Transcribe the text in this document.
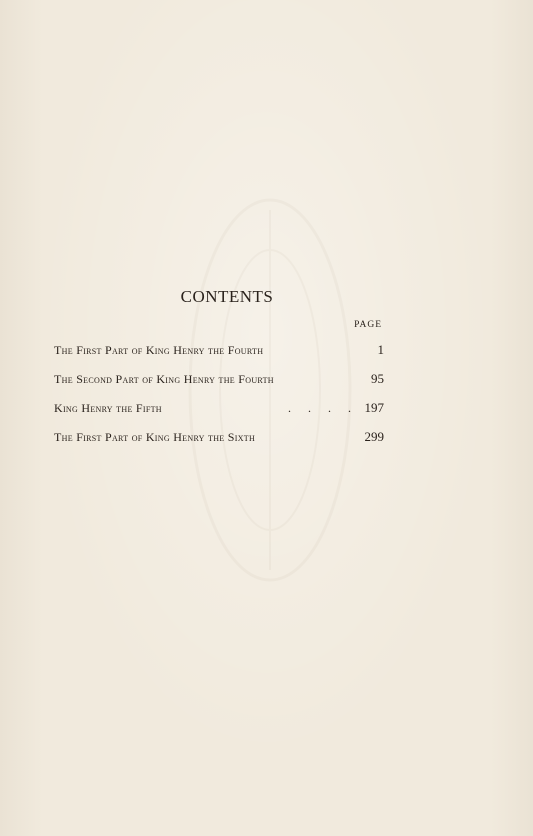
CONTENTS
PAGE
The First Part of King Henry the Fourth	1
The Second Part of King Henry the Fourth	95
King Henry the Fifth	. . . . 197
The First Part of King Henry the Sixth	299
